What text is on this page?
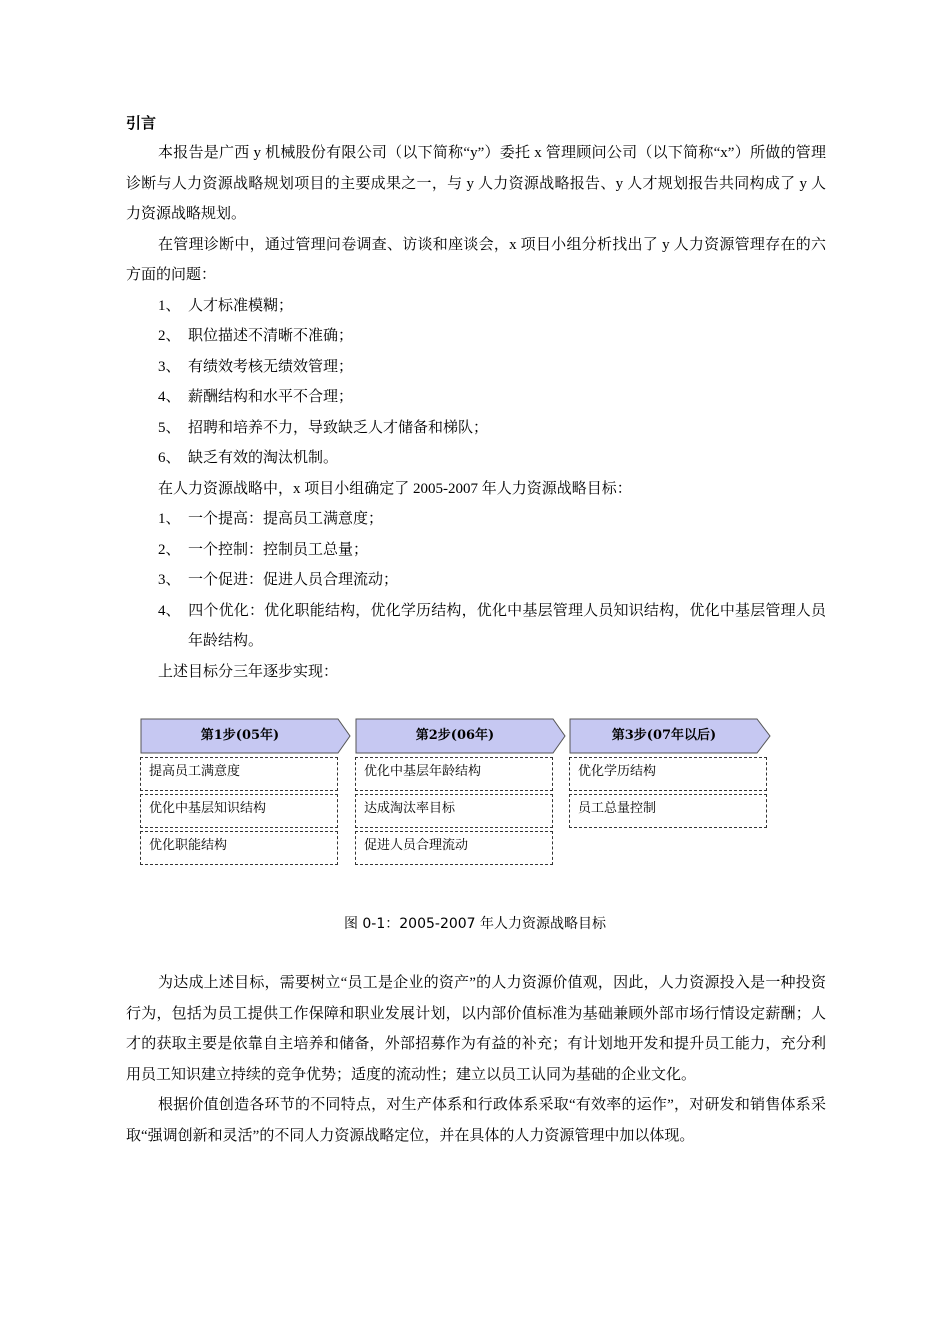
引言

本报告是广西 y 机械股份有限公司（以下简称“y”）委托 x 管理顾问公司（以下简称“x”）所做的管理诊断与人力资源战略规划项目的主要成果之一，与 y 人力资源战略报告、y 人才规划报告共同构成了 y 人力资源战略规划。

在管理诊断中，通过管理问卷调查、访谈和座谈会，x 项目小组分析找出了 y 人力资源管理存在的六方面的问题：

1、 人才标准模糊；
2、 职位描述不清晰不准确；
3、 有绩效考核无绩效管理；
4、 薪酬结构和水平不合理；
5、 招聘和培养不力，导致缺乏人才储备和梯队；
6、 缺乏有效的淘汰机制。

在人力资源战略中，x 项目小组确定了 2005-2007 年人力资源战略目标：

1、 一个提高：提高员工满意度；
2、 一个控制：控制员工总量；
3、 一个促进：促进人员合理流动；
4、 四个优化：优化职能结构，优化学历结构，优化中基层管理人员知识结构，优化中基层管理人员年龄结构。

上述目标分三年逐步实现：

第1步(05年)
提高员工满意度
优化中基层知识结构
优化职能结构
第2步(06年)
优化中基层年龄结构
达成淘汰率目标
促进人员合理流动
第3步(07年以后)
优化学历结构
员工总量控制
图 0-1：2005-2007 年人力资源战略目标

为达成上述目标，需要树立“员工是企业的资产”的人力资源价值观，因此，人力资源投入是一种投资行为，包括为员工提供工作保障和职业发展计划，以内部价值标准为基础兼顾外部市场行情设定薪酬；人才的获取主要是依靠自主培养和储备，外部招募作为有益的补充；有计划地开发和提升员工能力，充分利用员工知识建立持续的竞争优势；适度的流动性；建立以员工认同为基础的企业文化。

根据价值创造各环节的不同特点，对生产体系和行政体系采取“有效率的运作”，对研发和销售体系采取“强调创新和灵活”的不同人力资源战略定位，并在具体的人力资源管理中加以体现。
